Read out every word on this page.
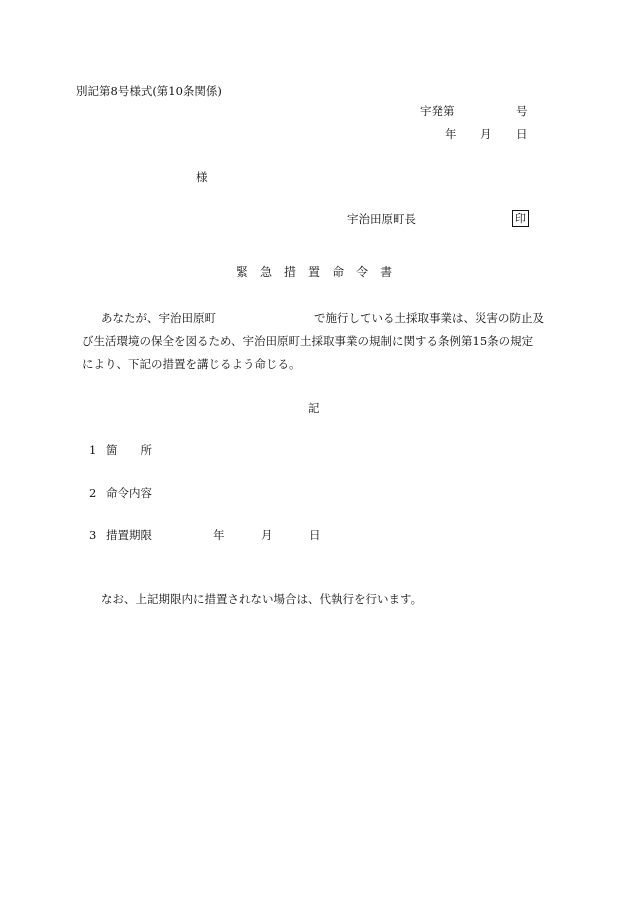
別記第8号様式(第10条関係)
宇発第	号
年 月 日
様
宇治田原町長	印
緊 急 措 置 命 令 書
あなたが、宇治田原町	で施行している土採取事業は、災害の防止及
び生活環境の保全を図るため、宇治田原町土採取事業の規制に関する条例第15条の規定
により、下記の措置を講じるよう命じる。
記
1 箇　　所
2 命令内容
3 措置期限	年	月	日
なお、上記期限内に措置されない場合は、代執行を行います。
